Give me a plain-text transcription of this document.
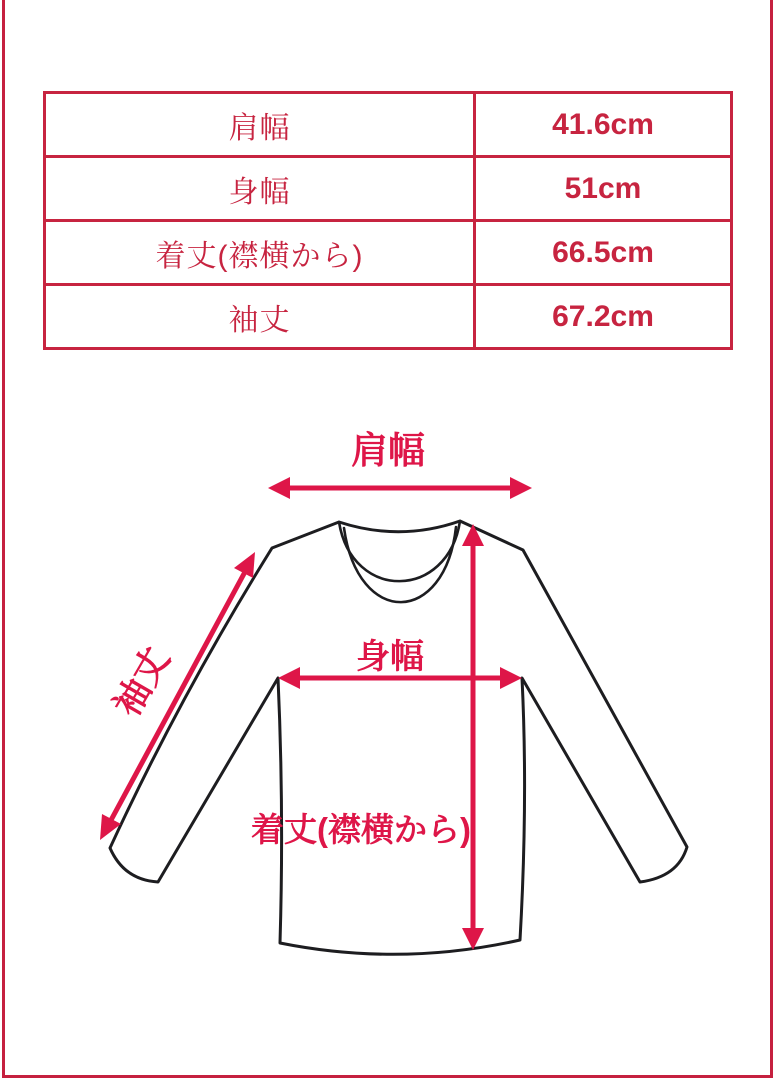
肩幅	41.6cm
身幅	51cm
着丈(襟横から)	66.5cm
袖丈	67.2cm
肩幅
身幅
着丈(襟横から)
袖丈
